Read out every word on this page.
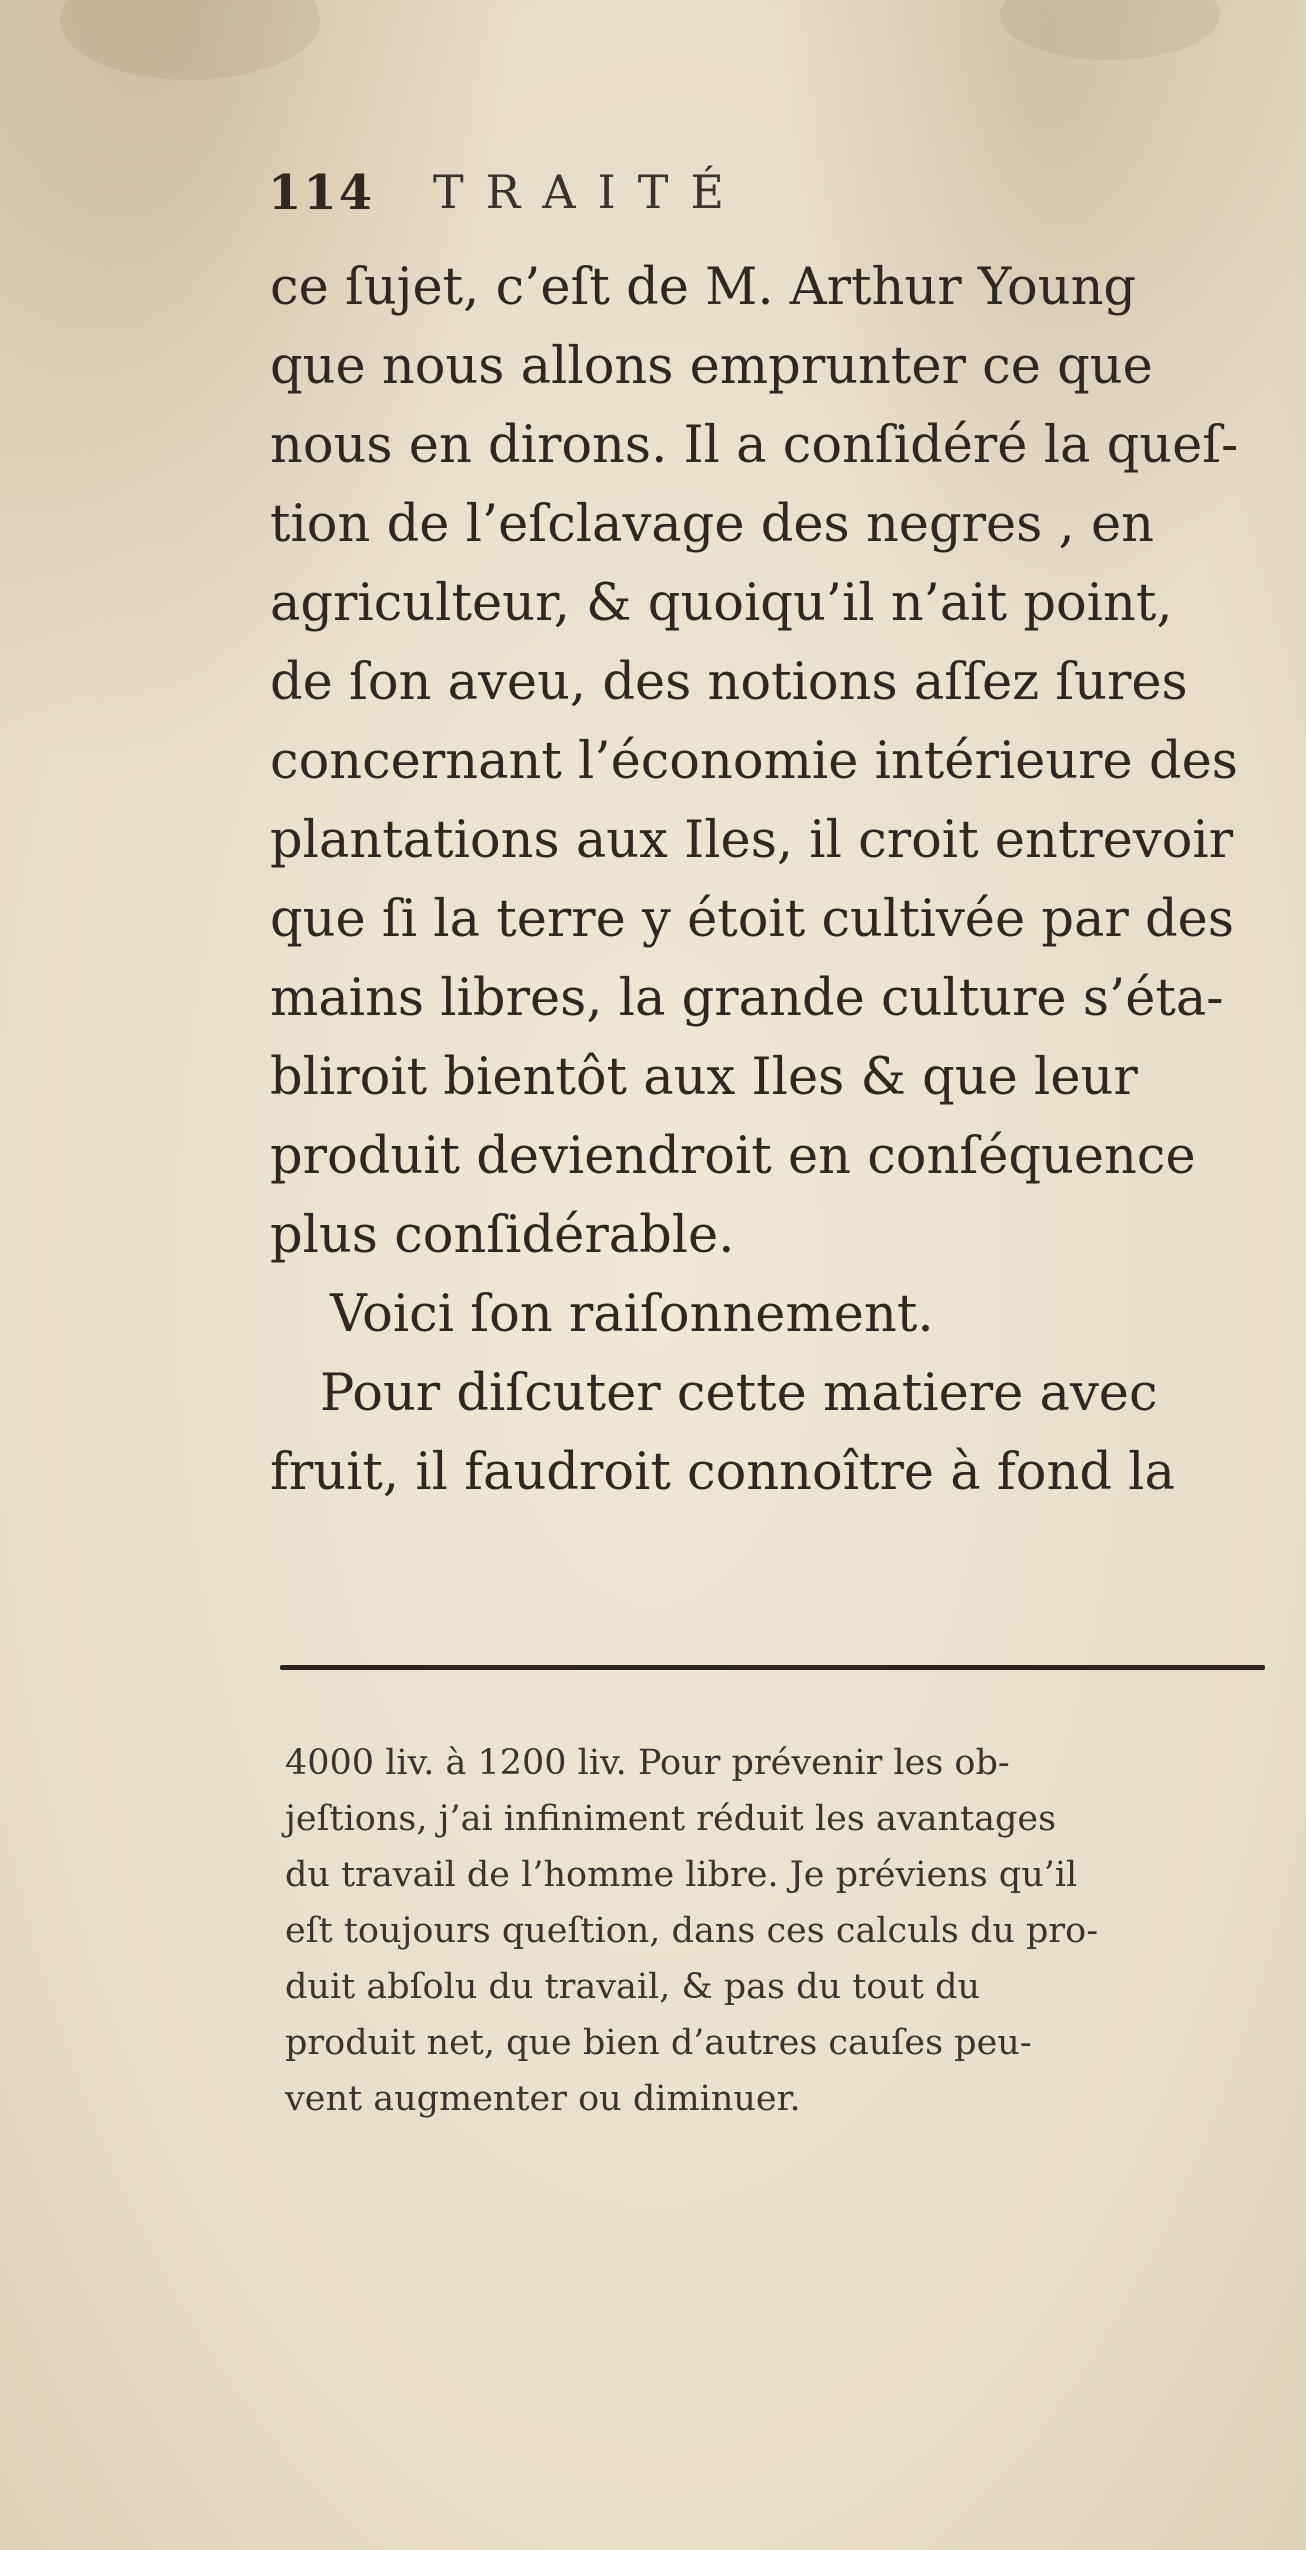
114 TRAITÉ
ce ſujet, c’eſt de M. Arthur Young
que nous allons emprunter ce que
nous en dirons. Il a conſidéré la queſ-
tion de l’eſclavage des negres , en
agriculteur, & quoiqu’il n’ait point,
de ſon aveu, des notions aſſez ſures
concernant l’économie intérieure des
plantations aux Iles, il croit entrevoir
que ſi la terre y étoit cultivée par des
mains libres, la grande culture s’éta-
bliroit bientôt aux Iles & que leur
produit deviendroit en conſéquence
plus conſidérable.
Voici ſon raiſonnement.
Pour diſcuter cette matiere avec
fruit, il faudroit connoître à fond la
4000 liv. à 1200 liv. Pour prévenir les ob-
jeſtions, j’ai infiniment réduit les avantages
du travail de l’homme libre. Je préviens qu’il
eſt toujours queſtion, dans ces calculs du pro-
duit abſolu du travail, & pas du tout du
produit net, que bien d’autres cauſes peu-
vent augmenter ou diminuer.
